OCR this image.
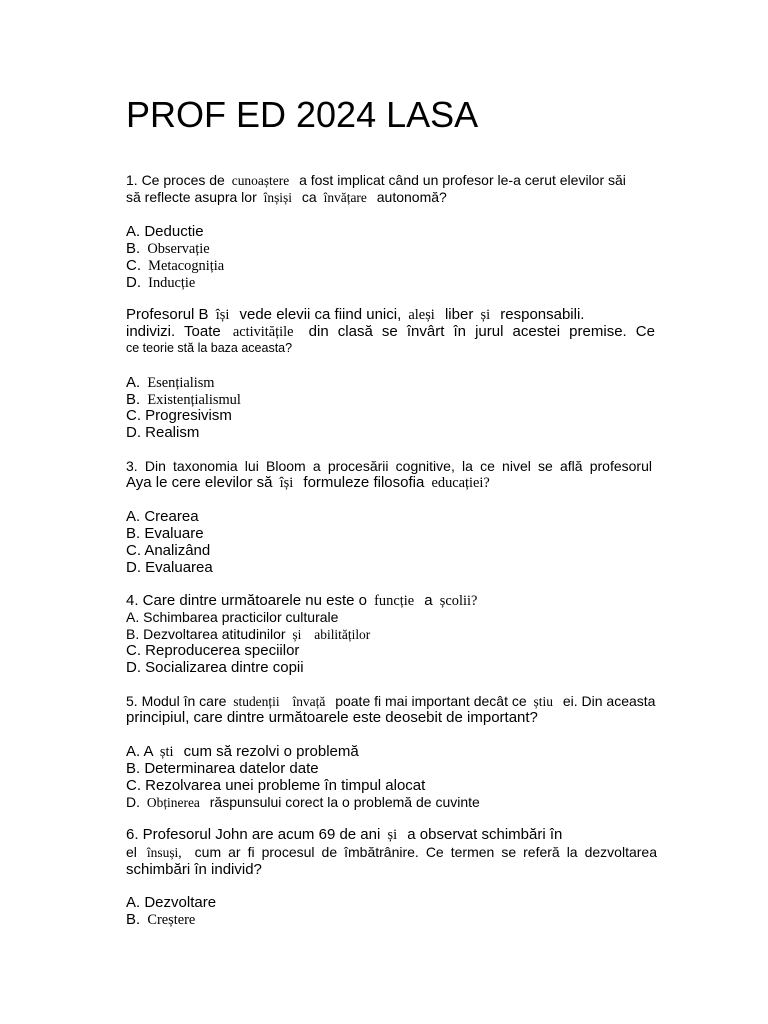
PROF ED 2024 LASA
1. Ce proces de cunoaștere a fost implicat când un profesor le-a cerut elevilor săi
să reflecte asupra lor înșiși ca învățare autonomă?
A. Deductie
B. Observație
C. Metacogniția
D. Inducție
Profesorul B își vede elevii ca fiind unici, aleși liber și responsabili.
indivizi. Toate activitățile din clasă se învârt în jurul acestei premise. Ce
ce teorie stă la baza aceasta?
A. Esențialism
B. Existențialismul
C. Progresivism
D. Realism
3. Din taxonomia lui Bloom a procesării cognitive, la ce nivel se află profesorul
Aya le cere elevilor să își formuleze filosofia educației?
A. Crearea
B. Evaluare
C. Analizând
D. Evaluarea
4. Care dintre următoarele nu este o funcție a școlii?
A. Schimbarea practicilor culturale
B. Dezvoltarea atitudinilor și abilităților
C. Reproducerea speciilor
D. Socializarea dintre copii
5. Modul în care studenții învață poate fi mai important decât ce știu ei. Din aceasta
principiul, care dintre următoarele este deosebit de important?
A. A ști cum să rezolvi o problemă
B. Determinarea datelor date
C. Rezolvarea unei probleme în timpul alocat
D. Obținerea răspunsului corect la o problemă de cuvinte
6. Profesorul John are acum 69 de ani și a observat schimbări în
el însuși, cum ar fi procesul de îmbătrânire. Ce termen se referă la dezvoltarea
schimbări în individ?
A. Dezvoltare
B. Creștere
